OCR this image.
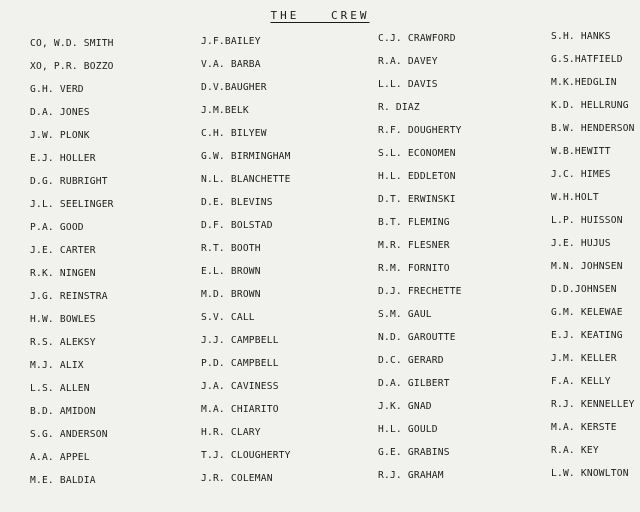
THE CREW
CO, W.D. SMITH
XO, P.R. BOZZO
G.H. VERD
D.A. JONES
J.W. PLONK
E.J. HOLLER
D.G. RUBRIGHT
J.L. SEELINGER
P.A. GOOD
J.E. CARTER
R.K. NINGEN
J.G. REINSTRA
H.W. BOWLES
R.S. ALEKSY
M.J. ALIX
L.S. ALLEN
B.D. AMIDON
S.G. ANDERSON
A.A. APPEL
M.E. BALDIA
J.F.BAILEY
V.A. BARBA
D.V.BAUGHER
J.M.BELK
C.H. BILYEW
G.W. BIRMINGHAM
N.L. BLANCHETTE
D.E. BLEVINS
D.F. BOLSTAD
R.T. BOOTH
E.L. BROWN
M.D. BROWN
S.V. CALL
J.J. CAMPBELL
P.D. CAMPBELL
J.A. CAVINESS
M.A. CHIARITO
H.R. CLARY
T.J. CLOUGHERTY
J.R. COLEMAN
C.J. CRAWFORD
R.A. DAVEY
L.L. DAVIS
R. DIAZ
R.F. DOUGHERTY
S.L. ECONOMEN
H.L. EDDLETON
D.T. ERWINSKI
B.T. FLEMING
M.R. FLESNER
R.M. FORNITO
D.J. FRECHETTE
S.M. GAUL
N.D. GAROUTTE
D.C. GERARD
D.A. GILBERT
J.K. GNAD
H.L. GOULD
G.E. GRABINS
R.J. GRAHAM
S.H. HANKS
G.S.HATFIELD
M.K.HEDGLIN
K.D. HELLRUNG
B.W. HENDERSON
W.B.HEWITT
J.C. HIMES
W.H.HOLT
L.P. HUISSON
J.E. HUJUS
M.N. JOHNSEN
D.D.JOHNSEN
G.M. KELEWAE
E.J. KEATING
J.M. KELLER
F.A. KELLY
R.J. KENNELLEY
M.A. KERSTE
R.A. KEY
L.W. KNOWLTON
